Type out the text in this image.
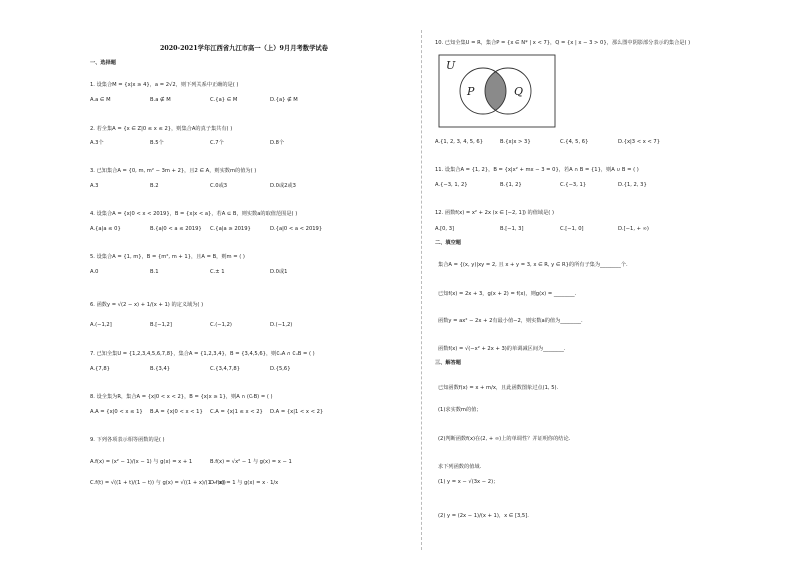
2020-2021学年江西省九江市高一（上）9月月考数学试卷
一、选择题
1. 设集合M = {x|x ≥ 4}，a = 2√2，则下列关系中正确的是( )
A.a ∈ M	B.a ∉ M	C.{a} ∈ M	D.{a} ∉ M
2. 若全集A = {x ∈ Z|0 ≤ x ≤ 2}，则集合A的真子集共有( )
A.3个	B.5个	C.7个	D.8个
3. 已知集合A = {0, m, m² − 3m + 2}，且2 ∈ A，则实数m的值为( )
A.3	B.2	C.0或3	D.0或2或3
4. 设集合A = {x|0 < x < 2019}，B = {x|x < a}，若A ⊆ B，则实数a的取值范围是( )
A.{a|a ≤ 0}	B.{a|0 < a ≤ 2019} C.{a|a ≥ 2019}	D.{a|0 < a < 2019}
5. 设集合A = {1, m}，B = {m², m + 1}，且A = B，则m = ( )
A.0	B.1	C.± 1	D.0或1
6. 函数y = √(2 − x) + 1/(x + 1) 的定义域为( )
A.(−1,2]	B.[−1,2]	C.(−1,2)	D.(−1,2)
7. 已知全集U = {1,2,3,4,5,6,7,8}，集合A = {1,2,3,4}，B = {3,4,5,6}，则∁ᵤA ∩ ∁ᵤB = ( )
A.{7,8}	B.{3,4}	C.{3,4,7,8}	D.{5,6}
8. 设全集为R，集合A = {x|0 < x < 2}，B = {x|x ≥ 1}，则A ∩ (∁ᵣB) = ( )
A.A = {x|0 < x ≤ 1} B.A = {x|0 < x < 1} C.A = {x|1 ≤ x < 2} D.A = {x|1 < x < 2}
9. 下列各项表示相等函数的是( )
A.f(x) = (x² − 1)/(x − 1) 与 g(x) = x + 1	B.f(x) = √x² − 1 与 g(x) = x − 1
C.f(t) = √((1 + t)/(1 − t)) 与 g(x) = √((1 + x)/(1 − x))
D.f(x) = 1 与 g(x) = x · 1/x
10. 已知全集U = R，集合P = {x ∈ N* | x < 7}，Q = {x | x − 3 > 0}，那么图中阴影部分表示的集合是( )
U
P	Q
A.{1, 2, 3, 4, 5, 6}	B.{x|x > 3}	C.{4, 5, 6}	D.{x|3 < x < 7}
11. 设集合A = {1, 2}，B = {x|x² + mx − 3 = 0}，若A ∩ B = {1}，则A ∪ B = ( )
A.{−3, 1, 2}	B.{1, 2}	C.{−3, 1}	D.{1, 2, 3}
12. 函数f(x) = x² + 2x (x ∈ [−2, 1]) 的值域是( )
A.[0, 3]	B.[−1, 3]	C.[−1, 0]	D.[−1, + ∞)
二、填空题
集合A = {(x, y)|xy = 2, 且 x + y = 3, x ∈ R, y ∈ R}的所有子集为________个.
已知f(x) = 2x + 3，g(x + 2) = f(x)，则g(x) = ________.
函数y = ax² − 2x + 2有最小值−2，则实数a的值为________.
函数f(x) = √(−x² + 2x + 3)的单调减区间为________.
三、解答题
已知函数f(x) = x + m/x，且此函数图象过点(1, 5).
(1)求实数m的值；
(2)判断函数f(x)在(2, + ∞)上的单调性？并证明你的结论.
求下列函数的值域.
(1) y = x − √(3x − 2)；
(2) y = (2x − 1)/(x + 1)，x ∈ [3,5].
